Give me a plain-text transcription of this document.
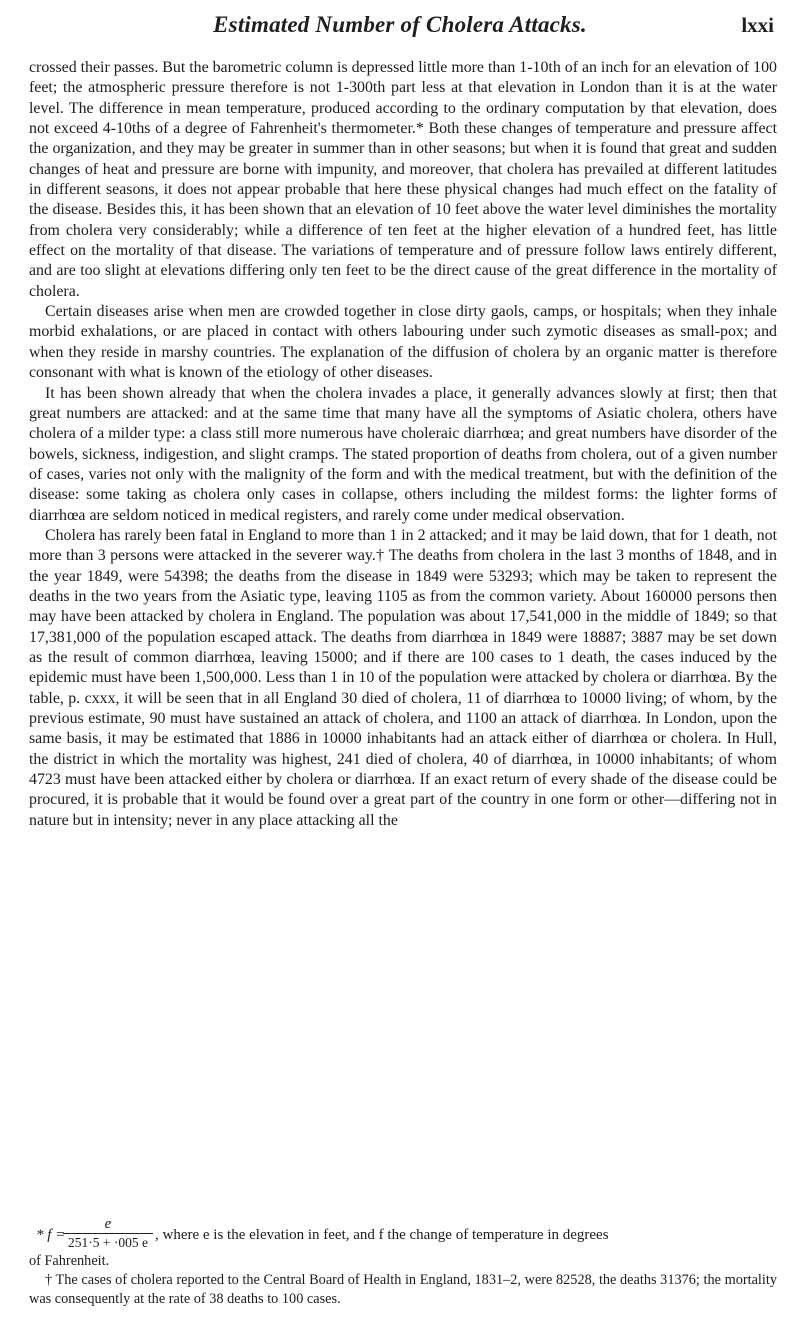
Estimated Number of Cholera Attacks.	lxxi

crossed their passes. But the barometric column is depressed little more than 1-10th of an inch for an elevation of 100 feet; the atmospheric pressure therefore is not 1-300th part less at that elevation in London than it is at the water level. The difference in mean temperature, produced according to the ordinary computation by that elevation, does not exceed 4-10ths of a degree of Fahrenheit's thermometer.* Both these changes of temperature and pressure affect the organization, and they may be greater in summer than in other seasons; but when it is found that great and sudden changes of heat and pressure are borne with impunity, and moreover, that cholera has prevailed at different latitudes in different seasons, it does not appear probable that here these physical changes had much effect on the fatality of the disease. Besides this, it has been shown that an elevation of 10 feet above the water level diminishes the mortality from cholera very considerably; while a difference of ten feet at the higher elevation of a hundred feet, has little effect on the mortality of that disease. The variations of temperature and of pressure follow laws entirely different, and are too slight at elevations differing only ten feet to be the direct cause of the great difference in the mortality of cholera.

Certain diseases arise when men are crowded together in close dirty gaols, camps, or hospitals; when they inhale morbid exhalations, or are placed in contact with others labouring under such zymotic diseases as small-pox; and when they reside in marshy countries. The explanation of the diffusion of cholera by an organic matter is therefore consonant with what is known of the etiology of other diseases.

It has been shown already that when the cholera invades a place, it generally advances slowly at first; then that great numbers are attacked: and at the same time that many have all the symptoms of Asiatic cholera, others have cholera of a milder type: a class still more numerous have choleraic diarrhœa; and great numbers have disorder of the bowels, sickness, indigestion, and slight cramps. The stated proportion of deaths from cholera, out of a given number of cases, varies not only with the malignity of the form and with the medical treatment, but with the definition of the disease: some taking as cholera only cases in collapse, others including the mildest forms: the lighter forms of diarrhœa are seldom noticed in medical registers, and rarely come under medical observation.

Cholera has rarely been fatal in England to more than 1 in 2 attacked; and it may be laid down, that for 1 death, not more than 3 persons were attacked in the severer way.† The deaths from cholera in the last 3 months of 1848, and in the year 1849, were 54398; the deaths from the disease in 1849 were 53293; which may be taken to represent the deaths in the two years from the Asiatic type, leaving 1105 as from the common variety. About 160000 persons then may have been attacked by cholera in England. The population was about 17,541,000 in the middle of 1849; so that 17,381,000 of the population escaped attack. The deaths from diarrhœa in 1849 were 18887; 3887 may be set down as the result of common diarrhœa, leaving 15000; and if there are 100 cases to 1 death, the cases induced by the epidemic must have been 1,500,000. Less than 1 in 10 of the population were attacked by cholera or diarrhœa. By the table, p. cxxx, it will be seen that in all England 30 died of cholera, 11 of diarrhœa to 10000 living; of whom, by the previous estimate, 90 must have sustained an attack of cholera, and 1100 an attack of diarrhœa. In London, upon the same basis, it may be estimated that 1886 in 10000 inhabitants had an attack either of diarrhœa or cholera. In Hull, the district in which the mortality was highest, 241 died of cholera, 40 of diarrhœa, in 10000 inhabitants; of whom 4723 must have been attacked either by cholera or diarrhœa. If an exact return of every shade of the disease could be procured, it is probable that it would be found over a great part of the country in one form or other—differing not in nature but in intensity; never in any place attacking all the

* f =
e
251·5 + ·005 e , where e is the elevation in feet, and f the change of temperature in degrees

of Fahrenheit.

† The cases of cholera reported to the Central Board of Health in England, 1831–2, were 82528, the deaths 31376; the mortality was consequently at the rate of 38 deaths to 100 cases.
